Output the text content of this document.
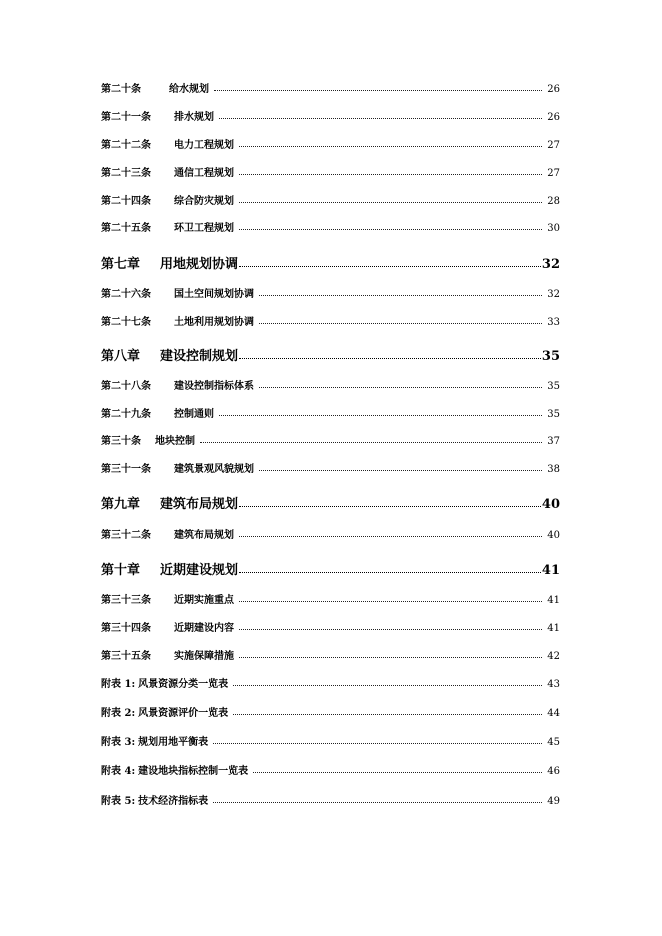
第二十条	给水规划	26
第二十一条	排水规划	26
第二十二条	电力工程规划	27
第二十三条	通信工程规划	27
第二十四条	综合防灾规划	28
第二十五条	环卫工程规划	30
第七章 用地规划协调	32
第二十六条	国土空间规划协调	32
第二十七条	土地利用规划协调	33
第八章 建设控制规划	35
第二十八条	建设控制指标体系	35
第二十九条	控制通则	35
第三十条 地块控制	37
第三十一条	建筑景观风貌规划	38
第九章 建筑布局规划	40
第三十二条	建筑布局规划	40
第十章 近期建设规划	41
第三十三条	近期实施重点	41
第三十四条	近期建设内容	41
第三十五条	实施保障措施	42
附表 1: 风景资源分类一览表	43
附表 2: 风景资源评价一览表	44
附表 3: 规划用地平衡表	45
附表 4: 建设地块指标控制一览表	46
附表 5: 技术经济指标表	49
